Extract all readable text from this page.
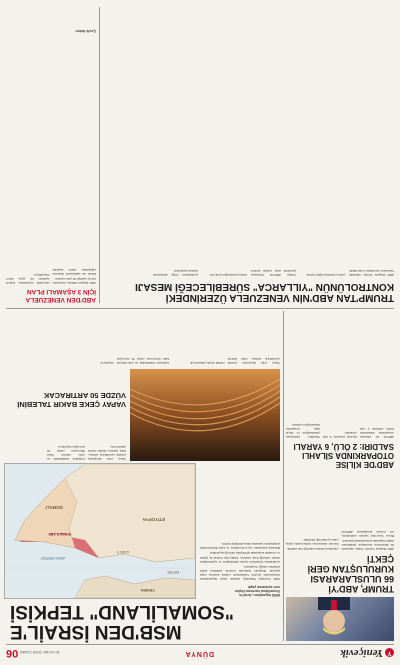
Y
Yeniçevik
DÜNYA
10 OCAK 2026 CUMA
06
MSB'DEN İSRAİL'E
"SOMALİLAND" TEPKİSİ
MSB kaynakları, İsrail'in
Somaliland kararına ilişkin
sert açıklama yaptı

Milli Savunma Bakanlığı haftalık basın bilgilendirme toplantısında İsrail'in Somaliland'ı tanıma kararına tepki gösterdi. Bölgenin istikrarını bozacak adımların kabul edilemez olduğu vurgulandı.

Açıklamada Somali'nin toprak bütünlüğüne ve egemenliğine destek verildiği ifade edilerek, Türkiye'nin Somali ile eğitim ve savunma alanındaki işbirliğinin süreceği kaydedildi.

Bakanlık kaynakları ayrıca Kızıldeniz ve Aden Körfezi'ndeki gelişmelerin yakından takip edildiğini belirtti.

YEMEN
ERİTRE
DJİBUTİ
ETİYOPYA
SOMALİ
SOMALİLAND
ADEN KÖRFEZİ
TRUMP, ABD'Yİ
66 ULUSLARARASI
KURULUŞTAN GERİ ÇEKTİ

ABD Başkanı Donald Trump, ülkesinin 66 uluslararası kuruluştan çekilmesine ilişkin başkanlık kararnamesini imzaladı.

Beyaz Saray'dan yapılan açıklamada, söz konusu kuruluşların ABD'nin çıkarlarına hizmet etmediği öne sürüldü.

Kararın uluslararası kamuoyunda geniş yankı uyandırdığı bildirildi.

ABD'DE KİLİSE
OTOPARKINDA SİLAHLI
SALDIRI: 2 ÖLÜ, 6 YARALI

ABD'de bir kilisenin otoparkında düzenlenen silahlı saldırıda 2 kişi hayatını kaybetti, 6 kişi yaralandı.

Yetkililer saldırganın yakalandığını ve olayla ilgili soruşturma başlatıldığını açıkladı.

VAPAY ÇEKE BAKIR TALEBİNİ
VÜZDE 50 ARTIRACAK

Yapay zeka altyapısına yönelik yatırımların artması, bakır talebini önemli ölçüde yükseltecek.

Uzmanlar önümüzdeki on yılda küresel bakır ihtiyacının yüzde 50 artacağını öngörüyor.

Yapay zeka altyapısına yönelik yatırımların artması, bakır talebini önemli ölçüde yükseltecek.

Uzmanlar önümüzdeki on yılda küresel bakır ihtiyacının yüzde 50 artacağını öngörüyor.

TRUMP'TAN ABD'NİN VENEZUELA ÜZERİNDEKİ
KONTROLÜNÜN "YILLARCA" SÜREBİLECEĞİ MESAJI

ABD Başkanı Trump, ülkesinin Venezuela üzerindeki kontrolünün yıllarca sürebileceğini söyledi.

Trump, ABD'nin Venezuela petrolünü uzun vadede kontrol etmeyi planladığını ifade etti.

Açıklamalar bölge ülkelerinde tepkiyle karşılandı.

ABD'DEN VENEZUELA
İÇİN 3 AŞAMALI PLAN

ABD Dışişleri Bakanı, Venezuela için üç aşamalı bir plan açıkladı.

Planın ilk aşamasında istikrarın sağlanması, ikinci aşamada ekonomik toparlanma, üçüncü aşamada ise geçiş süreci öngörülüyor.

Çevik Haber
